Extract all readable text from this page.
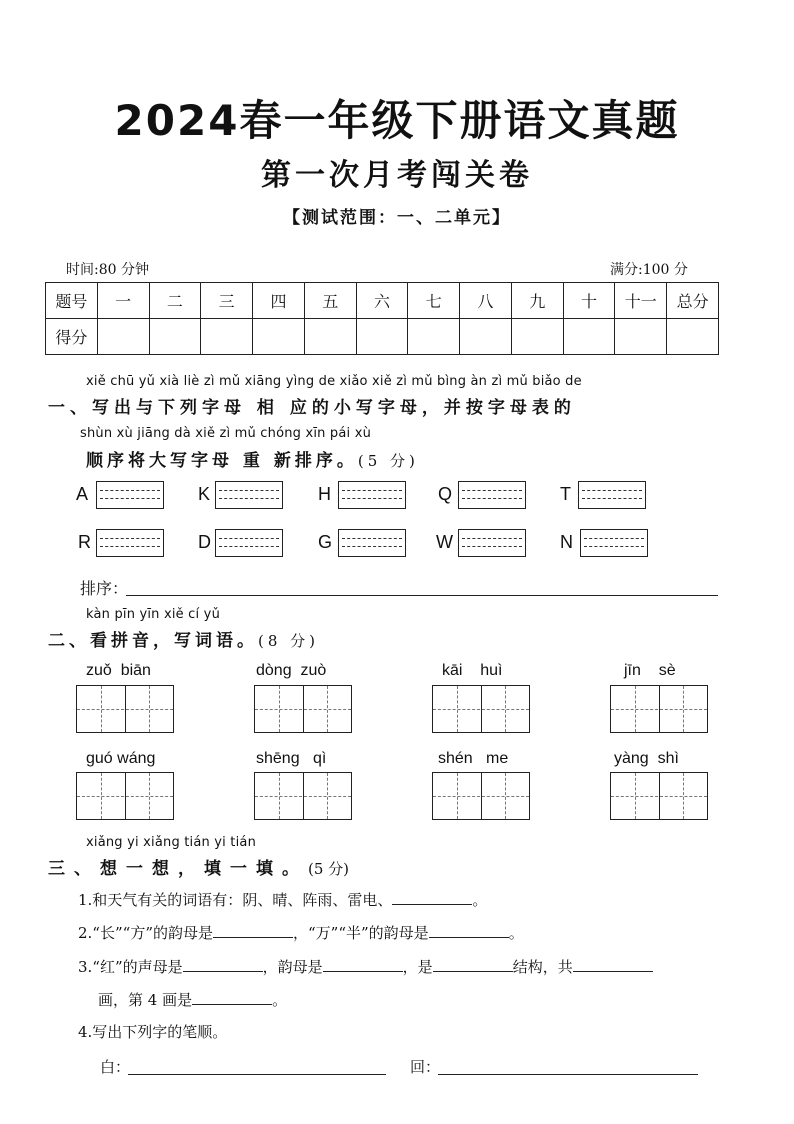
2024春一年级下册语文真题
第一次月考闯关卷
【测试范围：一、二单元】
时间:80 分钟	满分:100 分
题号	一	二	三	四	五	六	七	八	九	十	十一	总分
得分												
xiě chū yǔ xià liè zì mǔ xiāng yìng de xiǎo xiě zì mǔ bìng àn zì mǔ biǎo de
一、写出与下列字母 相 应的小写字母，并按字母表的
shùn xù jiāng dà xiě zì mǔ chóng xīn pái xù
顺序将大写字母 重 新排序。(5 分)
A	K	H	Q	T
R	D	G	W	N
排序：
kàn pīn yīn xiě cí yǔ
二、看拼音，写词语。(8 分)
zuǒ biān	dòng zuò	kāi huì	jīn sè
guó wáng	shēng qì	shén me	yàng shì
xiǎng yi xiǎng tián yi tián
三、想一想，填一填。(5 分)
1.和天气有关的词语有：阴、晴、阵雨、雷电、	。
2.“长”“方”的韵母是	，“万”“半”的韵母是	。
3.“红”的声母是	，韵母是	，是	结构，共
画，第 4 画是	。
4.写出下列字的笔顺。
白：	回：
